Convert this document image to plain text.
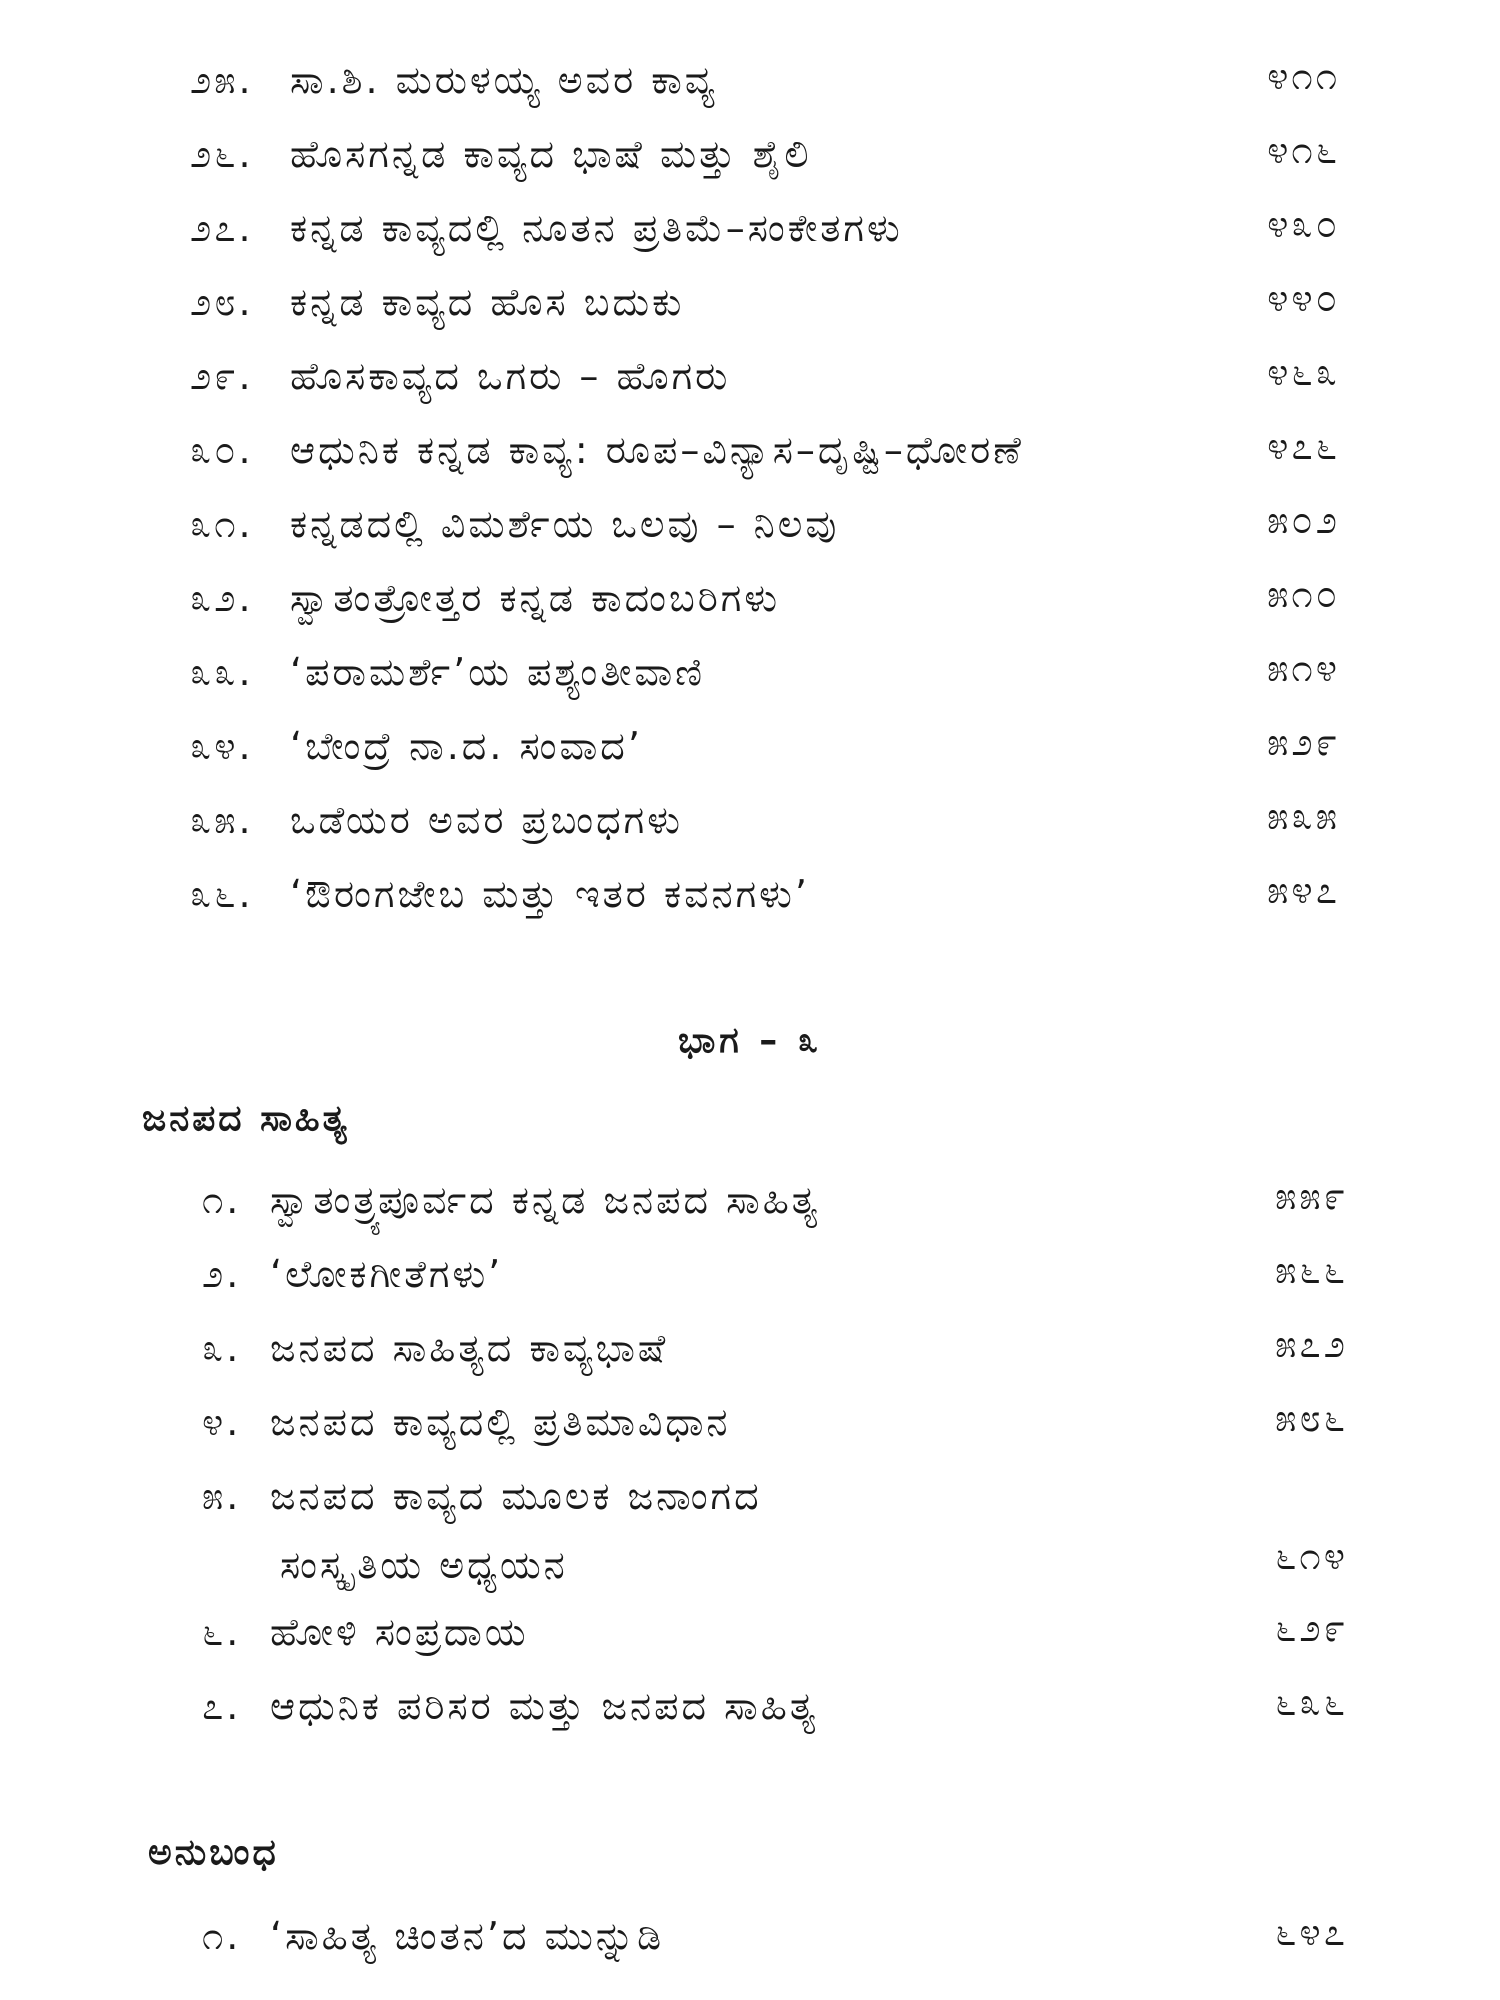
೨೫. ಸಾ.ಶಿ. ಮರುಳಯ್ಯ ಅವರ ಕಾವ್ಯ	೪೧೧
೨೬. ಹೊಸಗನ್ನಡ ಕಾವ್ಯದ ಭಾಷೆ ಮತ್ತು ಶೈಲಿ	೪೧೬
೨೭. ಕನ್ನಡ ಕಾವ್ಯದಲ್ಲಿ ನೂತನ ಪ್ರತಿಮೆ–ಸಂಕೇತಗಳು	೪೩೦
೨೮. ಕನ್ನಡ ಕಾವ್ಯದ ಹೊಸ ಬದುಕು	೪೪೦
೨೯. ಹೊಸಕಾವ್ಯದ ಒಗರು – ಹೊಗರು	೪೬೩
೩೦. ಆಧುನಿಕ ಕನ್ನಡ ಕಾವ್ಯ: ರೂಪ–ವಿನ್ಯಾಸ–ದೃಷ್ಟಿ–ಧೋರಣೆ	೪೭೬
೩೧. ಕನ್ನಡದಲ್ಲಿ ವಿಮರ್ಶೆಯ ಒಲವು – ನಿಲವು	೫೦೨
೩೨. ಸ್ವಾತಂತ್ರೋತ್ತರ ಕನ್ನಡ ಕಾದಂಬರಿಗಳು	೫೧೦
೩೩. ‘ಪರಾಮರ್ಶೆ’ಯ ಪಶ್ಯಂತೀವಾಣಿ	೫೧೪
೩೪. ‘ಬೇಂದ್ರೆ ನಾ.ದ. ಸಂವಾದ’	೫೨೯
೩೫. ಒಡೆಯರ ಅವರ ಪ್ರಬಂಧಗಳು	೫೩೫
೩೬. ‘ಔರಂಗಜೇಬ ಮತ್ತು ಇತರ ಕವನಗಳು’	೫೪೭
ಭಾಗ – ೩
ಜನಪದ ಸಾಹಿತ್ಯ
೧. ಸ್ವಾತಂತ್ರ್ಯಪೂರ್ವದ ಕನ್ನಡ ಜನಪದ ಸಾಹಿತ್ಯ	೫೫೯
೨. ‘ಲೋಕಗೀತೆಗಳು’	೫೬೬
೩. ಜನಪದ ಸಾಹಿತ್ಯದ ಕಾವ್ಯಭಾಷೆ	೫೭೨
೪. ಜನಪದ ಕಾವ್ಯದಲ್ಲಿ ಪ್ರತಿಮಾವಿಧಾನ	೫೮೬
೫. ಜನಪದ ಕಾವ್ಯದ ಮೂಲಕ ಜನಾಂಗದ
ಸಂಸ್ಕೃತಿಯ ಅಧ್ಯಯನ	೬೧೪
೬. ಹೋಳಿ ಸಂಪ್ರದಾಯ	೬೨೯
೭. ಆಧುನಿಕ ಪರಿಸರ ಮತ್ತು ಜನಪದ ಸಾಹಿತ್ಯ	೬೩೬
ಅನುಬಂಧ
೧. ‘ಸಾಹಿತ್ಯ ಚಿಂತನ’ದ ಮುನ್ನುಡಿ	೬೪೭
